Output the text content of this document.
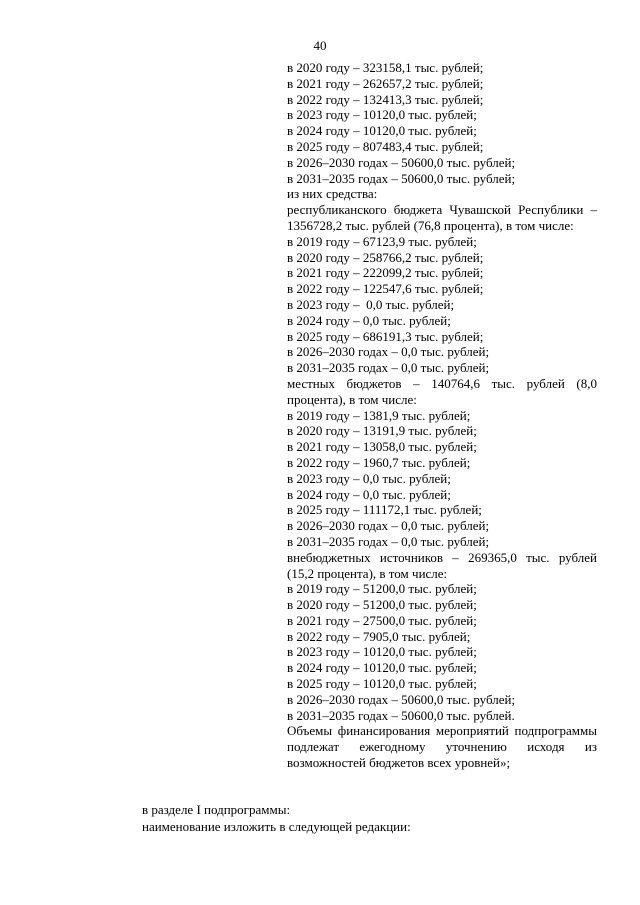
40
в 2020 году – 323158,1 тыс. рублей;
в 2021 году – 262657,2 тыс. рублей;
в 2022 году – 132413,3 тыс. рублей;
в 2023 году – 10120,0 тыс. рублей;
в 2024 году – 10120,0 тыс. рублей;
в 2025 году – 807483,4 тыс. рублей;
в 2026–2030 годах – 50600,0 тыс. рублей;
в 2031–2035 годах – 50600,0 тыс. рублей;
из них средства:
республиканского бюджета Чувашской Республики – 1356728,2 тыс. рублей (76,8 процента), в том числе:
в 2019 году – 67123,9 тыс. рублей;
в 2020 году – 258766,2 тыс. рублей;
в 2021 году – 222099,2 тыс. рублей;
в 2022 году – 122547,6 тыс. рублей;
в 2023 году –  0,0 тыс. рублей;
в 2024 году – 0,0 тыс. рублей;
в 2025 году – 686191,3 тыс. рублей;
в 2026–2030 годах – 0,0 тыс. рублей;
в 2031–2035 годах – 0,0 тыс. рублей;
местных бюджетов – 140764,6 тыс. рублей (8,0 процента), в том числе:
в 2019 году – 1381,9 тыс. рублей;
в 2020 году – 13191,9 тыс. рублей;
в 2021 году – 13058,0 тыс. рублей;
в 2022 году – 1960,7 тыс. рублей;
в 2023 году – 0,0 тыс. рублей;
в 2024 году – 0,0 тыс. рублей;
в 2025 году – 111172,1 тыс. рублей;
в 2026–2030 годах – 0,0 тыс. рублей;
в 2031–2035 годах – 0,0 тыс. рублей;
внебюджетных источников – 269365,0 тыс. рублей (15,2 процента), в том числе:
в 2019 году – 51200,0 тыс. рублей;
в 2020 году – 51200,0 тыс. рублей;
в 2021 году – 27500,0 тыс. рублей;
в 2022 году – 7905,0 тыс. рублей;
в 2023 году – 10120,0 тыс. рублей;
в 2024 году – 10120,0 тыс. рублей;
в 2025 году – 10120,0 тыс. рублей;
в 2026–2030 годах – 50600,0 тыс. рублей;
в 2031–2035 годах – 50600,0 тыс. рублей.
Объемы финансирования мероприятий подпрограммы подлежат ежегодному уточнению исходя из возможностей бюджетов всех уровней»;
в разделе I подпрограммы:
наименование изложить в следующей редакции:
